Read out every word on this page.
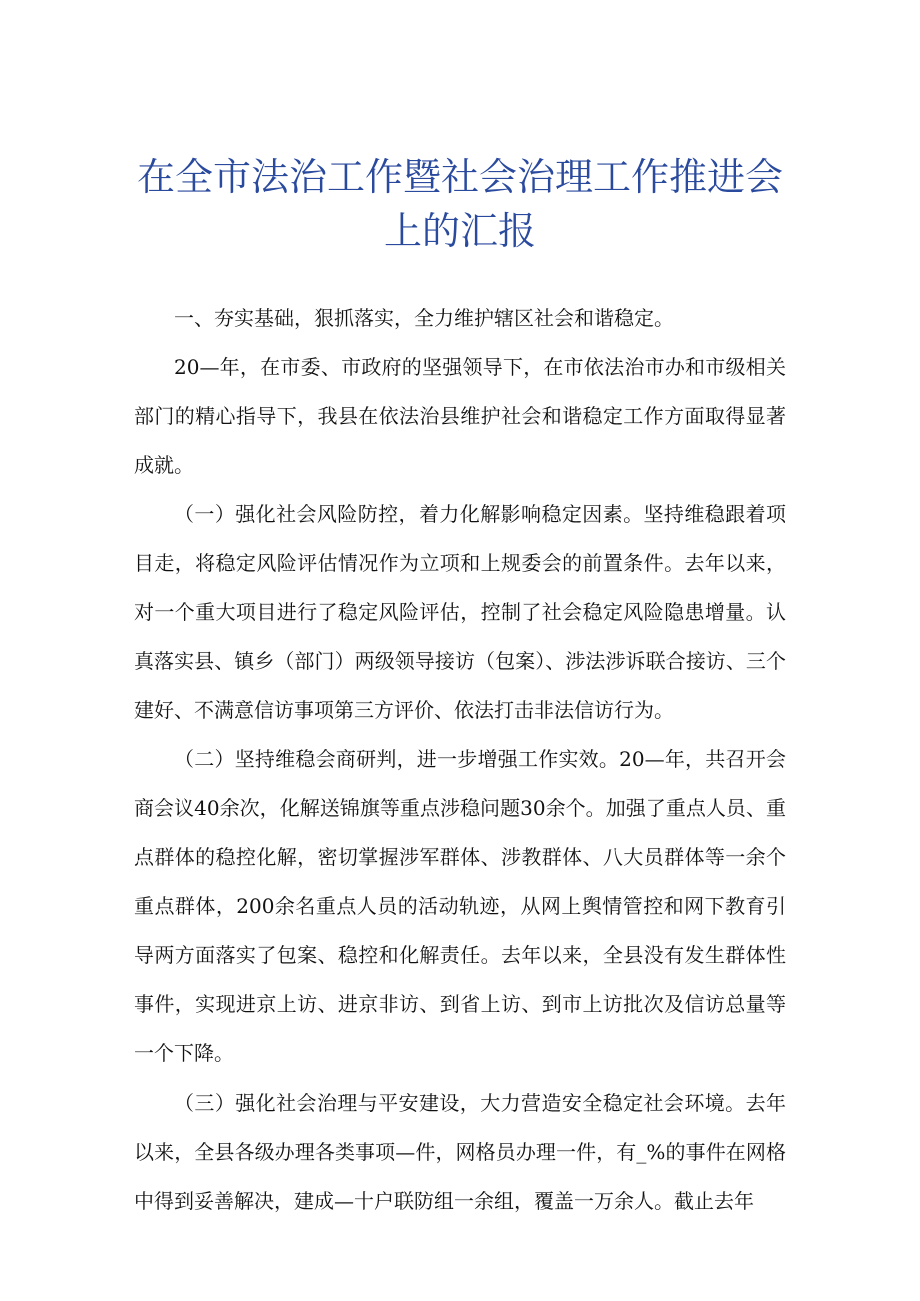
在全市法治工作暨社会治理工作推进会上的汇报

一、夯实基础，狠抓落实，全力维护辖区社会和谐稳定。

20—年，在市委、市政府的坚强领导下，在市依法治市办和市级相关部门的精心指导下，我县在依法治县维护社会和谐稳定工作方面取得显著成就。

（一）强化社会风险防控，着力化解影响稳定因素。坚持维稳跟着项目走，将稳定风险评估情况作为立项和上规委会的前置条件。去年以来，对一个重大项目进行了稳定风险评估，控制了社会稳定风险隐患增量。认真落实县、镇乡（部门）两级领导接访（包案）、涉法涉诉联合接访、三个建好、不满意信访事项第三方评价、依法打击非法信访行为。

（二）坚持维稳会商研判，进一步增强工作实效。20—年，共召开会商会议40余次，化解送锦旗等重点涉稳问题30余个。加强了重点人员、重点群体的稳控化解，密切掌握涉军群体、涉教群体、八大员群体等一余个重点群体，200余名重点人员的活动轨迹，从网上舆情管控和网下教育引导两方面落实了包案、稳控和化解责任。去年以来，全县没有发生群体性事件，实现进京上访、进京非访、到省上访、到市上访批次及信访总量等一个下降。

（三）强化社会治理与平安建设，大力营造安全稳定社会环境。去年以来，全县各级办理各类事项—件，网格员办理一件，有_%的事件在网格中得到妥善解决，建成—十户联防组一余组，覆盖一万余人。截止去年
